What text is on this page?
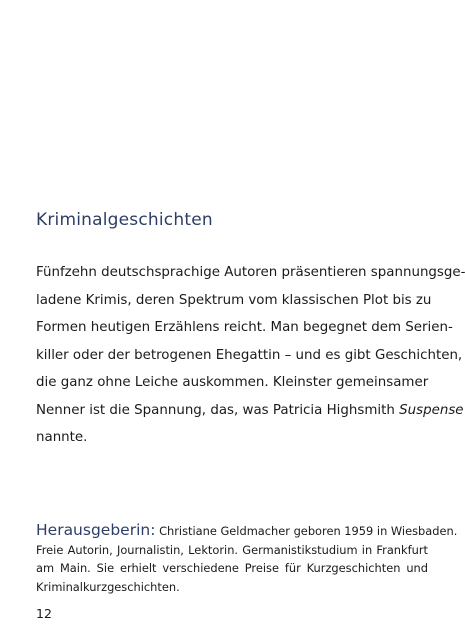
Kriminalgeschichten
Fünfzehn deutschsprachige Autoren präsentieren spannungsge-
ladene Krimis, deren Spektrum vom klassischen Plot bis zu
Formen heutigen Erzählens reicht. Man begegnet dem Serien-
killer oder der betrogenen Ehegattin – und es gibt Geschichten,
die ganz ohne Leiche auskommen. Kleinster gemeinsamer
Nenner ist die Spannung, das, was Patricia Highsmith Suspense
nannte.
Herausgeberin: Christiane Geldmacher geboren 1959 in Wiesbaden.
Freie Autorin, Journalistin, Lektorin. Germanistikstudium in Frankfurt
am Main. Sie erhielt verschiedene Preise für Kurzgeschichten und
Kriminalkurzgeschichten.
12
